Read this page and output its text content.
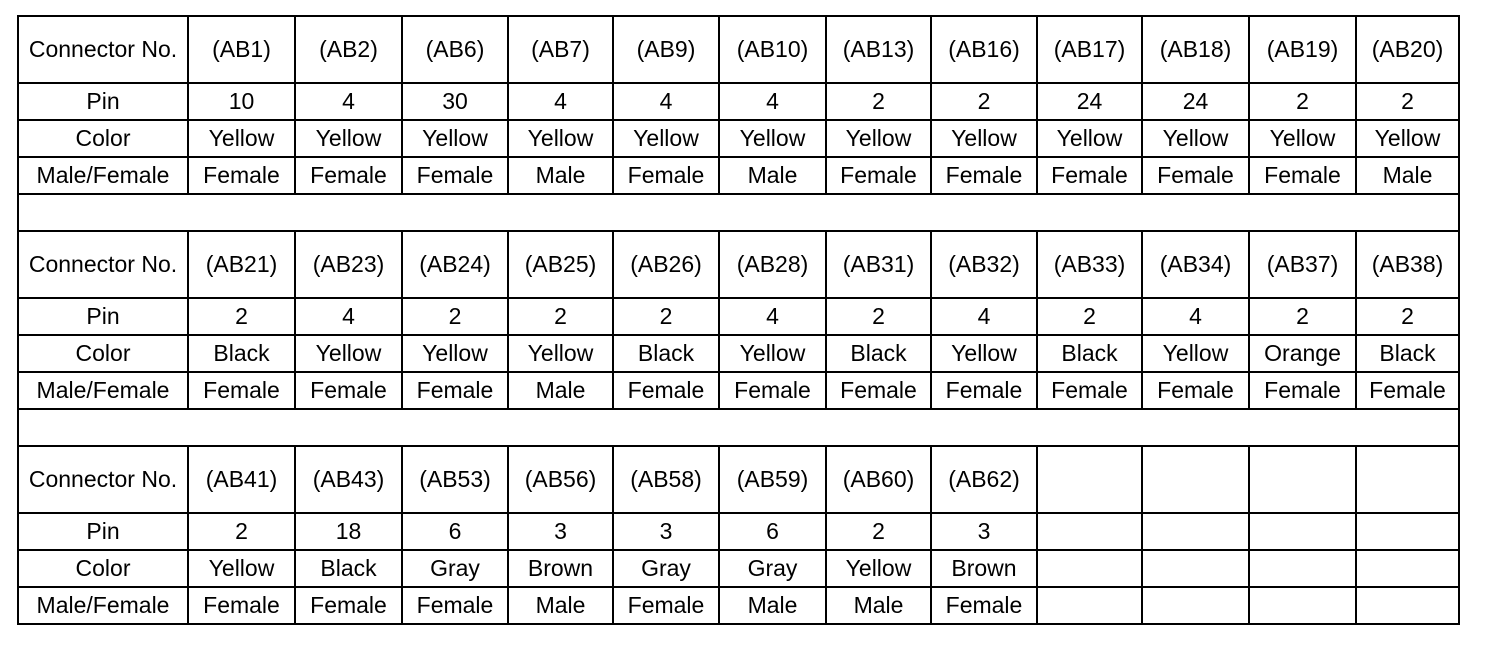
Connector No.	(AB1)	(AB2)	(AB6)	(AB7)	(AB9)	(AB10)	(AB13)	(AB16)	(AB17)	(AB18)	(AB19)	(AB20)
Pin	10	4	30	4	4	4	2	2	24	24	2	2
Color	Yellow	Yellow	Yellow	Yellow	Yellow	Yellow	Yellow	Yellow	Yellow	Yellow	Yellow	Yellow
Male/Female	Female	Female	Female	Male	Female	Male	Female	Female	Female	Female	Female	Male

Connector No.	(AB21)	(AB23)	(AB24)	(AB25)	(AB26)	(AB28)	(AB31)	(AB32)	(AB33)	(AB34)	(AB37)	(AB38)
Pin	2	4	2	2	2	4	2	4	2	4	2	2
Color	Black	Yellow	Yellow	Yellow	Black	Yellow	Black	Yellow	Black	Yellow	Orange	Black
Male/Female	Female	Female	Female	Male	Female	Female	Female	Female	Female	Female	Female	Female

Connector No.	(AB41)	(AB43)	(AB53)	(AB56)	(AB58)	(AB59)	(AB60)	(AB62)				
Pin	2	18	6	3	3	6	2	3				
Color	Yellow	Black	Gray	Brown	Gray	Gray	Yellow	Brown				
Male/Female	Female	Female	Female	Male	Female	Male	Male	Female				
